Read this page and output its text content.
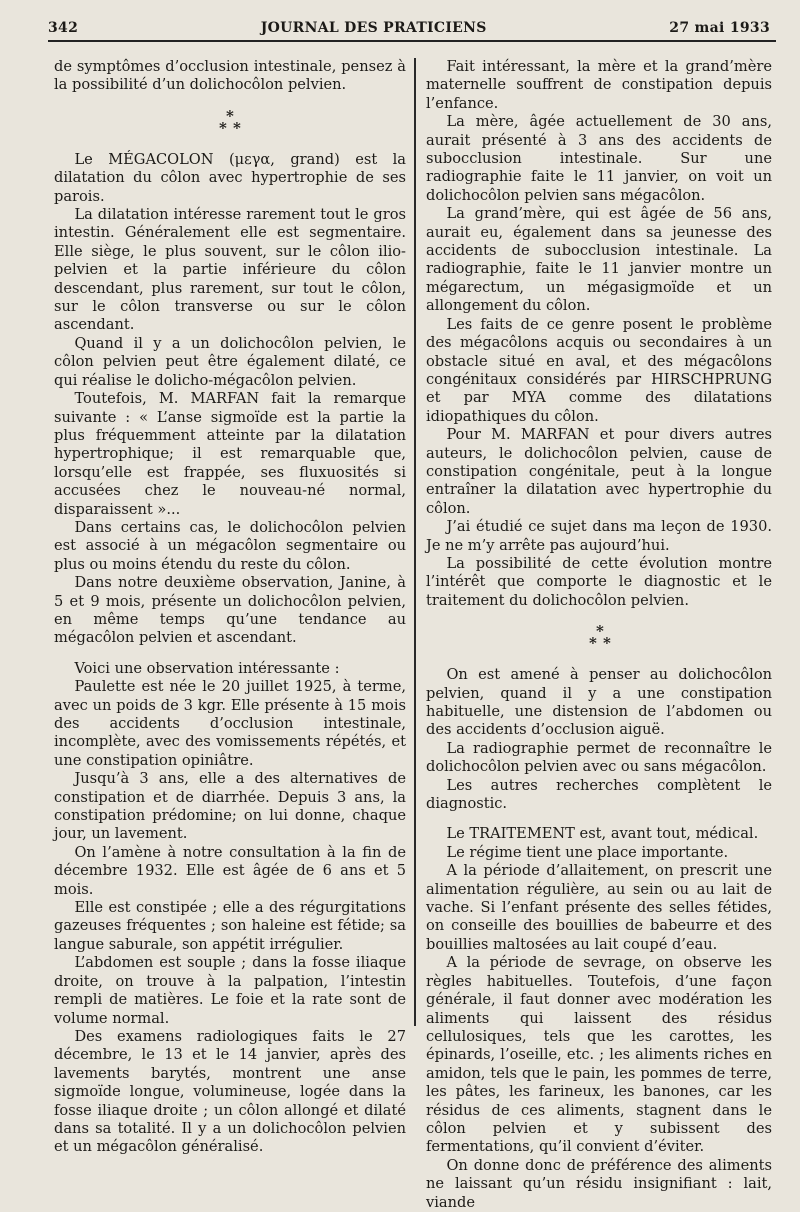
342	JOURNAL DES PRATICIENS	27 mai 1933

de symptômes d’occlusion intestinale, pensez à la possibilité d’un dolichocôlon pelvien.

*
* *

Le MÉGACOLON (μεγα, grand) est la dilatation du côlon avec hypertrophie de ses parois.

La dilatation intéresse rarement tout le gros intestin. Généralement elle est segmentaire. Elle siège, le plus souvent, sur le côlon ilio-pelvien et la partie inférieure du côlon descendant, plus rarement, sur tout le côlon, sur le côlon transverse ou sur le côlon ascendant.

Quand il y a un dolichocôlon pelvien, le côlon pelvien peut être également dilaté, ce qui réalise le dolicho-mégacôlon pelvien.

Toutefois, M. MARFAN fait la remarque suivante : « L’anse sigmoïde est la partie la plus fréquemment atteinte par la dilatation hypertrophique; il est remarquable que, lorsqu’elle est frappée, ses fluxuosités si accusées chez le nouveau-né normal, disparaissent »...

Dans certains cas, le dolichocôlon pelvien est associé à un mégacôlon segmentaire ou plus ou moins étendu du reste du côlon.

Dans notre deuxième observation, Janine, à 5 et 9 mois, présente un dolichocôlon pelvien, en même temps qu’une tendance au mégacôlon pelvien et ascendant.

Voici une observation intéressante :

Paulette est née le 20 juillet 1925, à terme, avec un poids de 3 kgr. Elle présente à 15 mois des accidents d’occlusion intestinale, incomplète, avec des vomissements répétés, et une constipation opiniâtre.

Jusqu’à 3 ans, elle a des alternatives de constipation et de diarrhée. Depuis 3 ans, la constipation prédomine; on lui donne, chaque jour, un lavement.

On l’amène à notre consultation à la fin de décembre 1932. Elle est âgée de 6 ans et 5 mois.

Elle est constipée ; elle a des régurgitations gazeuses fréquentes ; son haleine est fétide; sa langue saburale, son appétit irrégulier.

L’abdomen est souple ; dans la fosse iliaque droite, on trouve à la palpation, l’intestin rempli de matières. Le foie et la rate sont de volume normal.

Des examens radiologiques faits le 27 décembre, le 13 et le 14 janvier, après des lavements barytés, montrent une anse sigmoïde longue, volumineuse, logée dans la fosse iliaque droite ; un côlon allongé et dilaté dans sa totalité. Il y a un dolichocôlon pelvien et un mégacôlon généralisé.

Fait intéressant, la mère et la grand’mère maternelle souffrent de constipation depuis l’enfance.

La mère, âgée actuellement de 30 ans, aurait présenté à 3 ans des accidents de subocclusion intestinale. Sur une radiographie faite le 11 janvier, on voit un dolichocôlon pelvien sans mégacôlon.

La grand’mère, qui est âgée de 56 ans, aurait eu, également dans sa jeunesse des accidents de subocclusion intestinale. La radiographie, faite le 11 janvier montre un mégarectum, un mégasigmoïde et un allongement du côlon.

Les faits de ce genre posent le problème des mégacôlons acquis ou secondaires à un obstacle situé en aval, et des mégacôlons congénitaux considérés par HIRSCHPRUNG et par MYA comme des dilatations idiopathiques du côlon.

Pour M. MARFAN et pour divers autres auteurs, le dolichocôlon pelvien, cause de constipation congénitale, peut à la longue entraîner la dilatation avec hypertrophie du côlon.

J’ai étudié ce sujet dans ma leçon de 1930. Je ne m’y arrête pas aujourd’hui.

La possibilité de cette évolution montre l’intérêt que comporte le diagnostic et le traitement du dolichocôlon pelvien.

*
* *

On est amené à penser au dolichocôlon pelvien, quand il y a une constipation habituelle, une distension de l’abdomen ou des accidents d’occlusion aiguë.

La radiographie permet de reconnaître le dolichocôlon pelvien avec ou sans mégacôlon.

Les autres recherches complètent le diagnostic.

Le TRAITEMENT est, avant tout, médical.

Le régime tient une place importante.

A la période d’allaitement, on prescrit une alimentation régulière, au sein ou au lait de vache. Si l’enfant présente des selles fétides, on conseille des bouillies de babeurre et des bouillies maltosées au lait coupé d’eau.

A la période de sevrage, on observe les règles habituelles. Toutefois, d’une façon générale, il faut donner avec modération les aliments qui laissent des résidus cellulosiques, tels que les carottes, les épinards, l’oseille, etc. ; les aliments riches en amidon, tels que le pain, les pommes de terre, les pâtes, les farineux, les banones, car les résidus de ces aliments, stagnent dans le côlon pelvien et y subissent des fermentations, qu’il convient d’éviter.

On donne donc de préférence des aliments ne laissant qu’un résidu insignifiant : lait, viande
